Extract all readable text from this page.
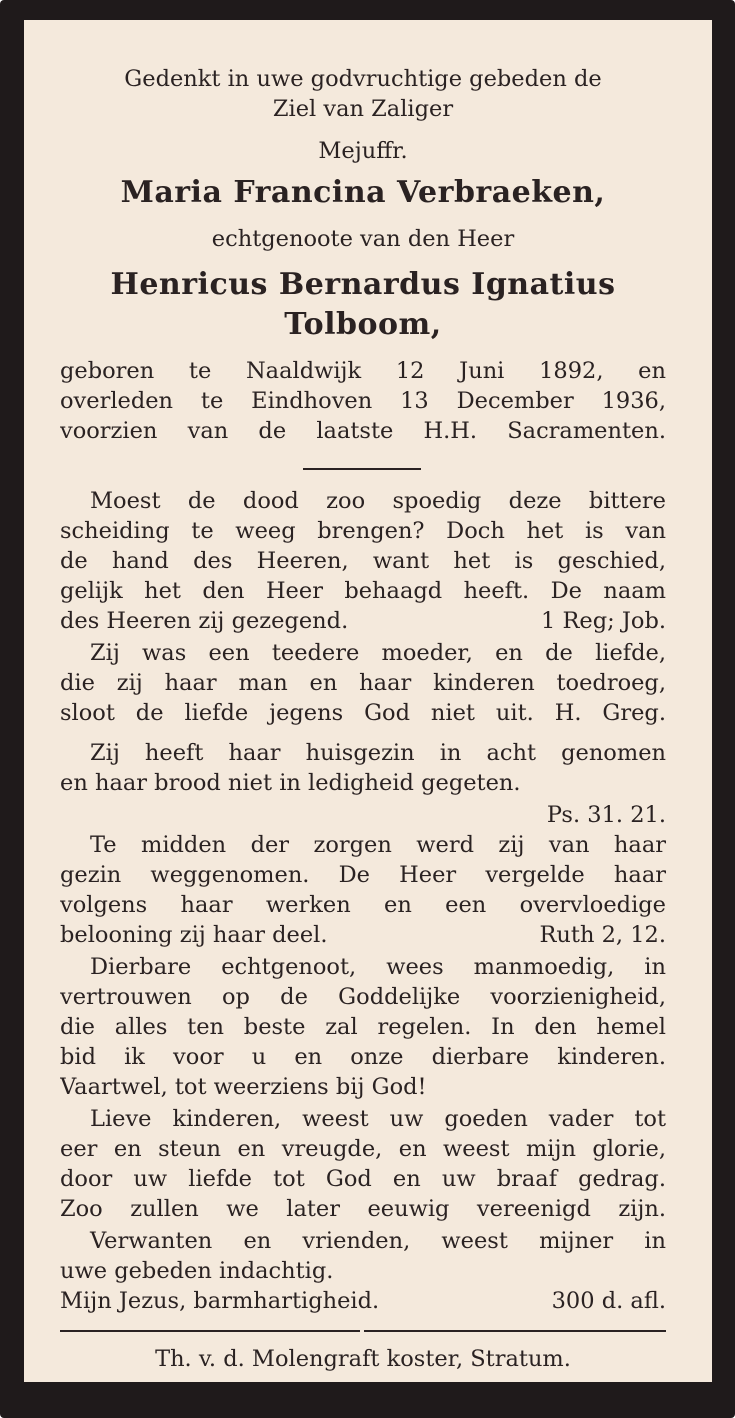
Gedenkt in uwe godvruchtige gebeden de
Ziel van Zaliger
Mejuffr.
Maria Francina Verbraeken,
echtgenoote van den Heer
Henricus Bernardus Ignatius
Tolboom,
geboren te Naaldwijk 12 Juni 1892, en
overleden te Eindhoven 13 December 1936,
voorzien van de laatste H.H. Sacramenten.
Moest de dood zoo spoedig deze bittere
scheiding te weeg brengen? Doch het is van
de hand des Heeren, want het is geschied,
gelijk het den Heer behaagd heeft. De naam
des Heeren zij gezegend.	1 Reg; Job.
Zij was een teedere moeder, en de liefde,
die zij haar man en haar kinderen toedroeg,
sloot de liefde jegens God niet uit. H. Greg.
Zij heeft haar huisgezin in acht genomen
en haar brood niet in ledigheid gegeten.
Ps. 31. 21.
Te midden der zorgen werd zij van haar
gezin weggenomen. De Heer vergelde haar
volgens haar werken en een overvloedige
belooning zij haar deel.	Ruth 2, 12.
Dierbare echtgenoot, wees manmoedig, in
vertrouwen op de Goddelijke voorzienigheid,
die alles ten beste zal regelen. In den hemel
bid ik voor u en onze dierbare kinderen.
Vaartwel, tot weerziens bij God!
Lieve kinderen, weest uw goeden vader tot
eer en steun en vreugde, en weest mijn glorie,
door uw liefde tot God en uw braaf gedrag.
Zoo zullen we later eeuwig vereenigd zijn.
Verwanten en vrienden, weest mijner in
uwe gebeden indachtig.
Mijn Jezus, barmhartigheid.	300 d. afl.
Th. v. d. Molengraft koster, Stratum.
